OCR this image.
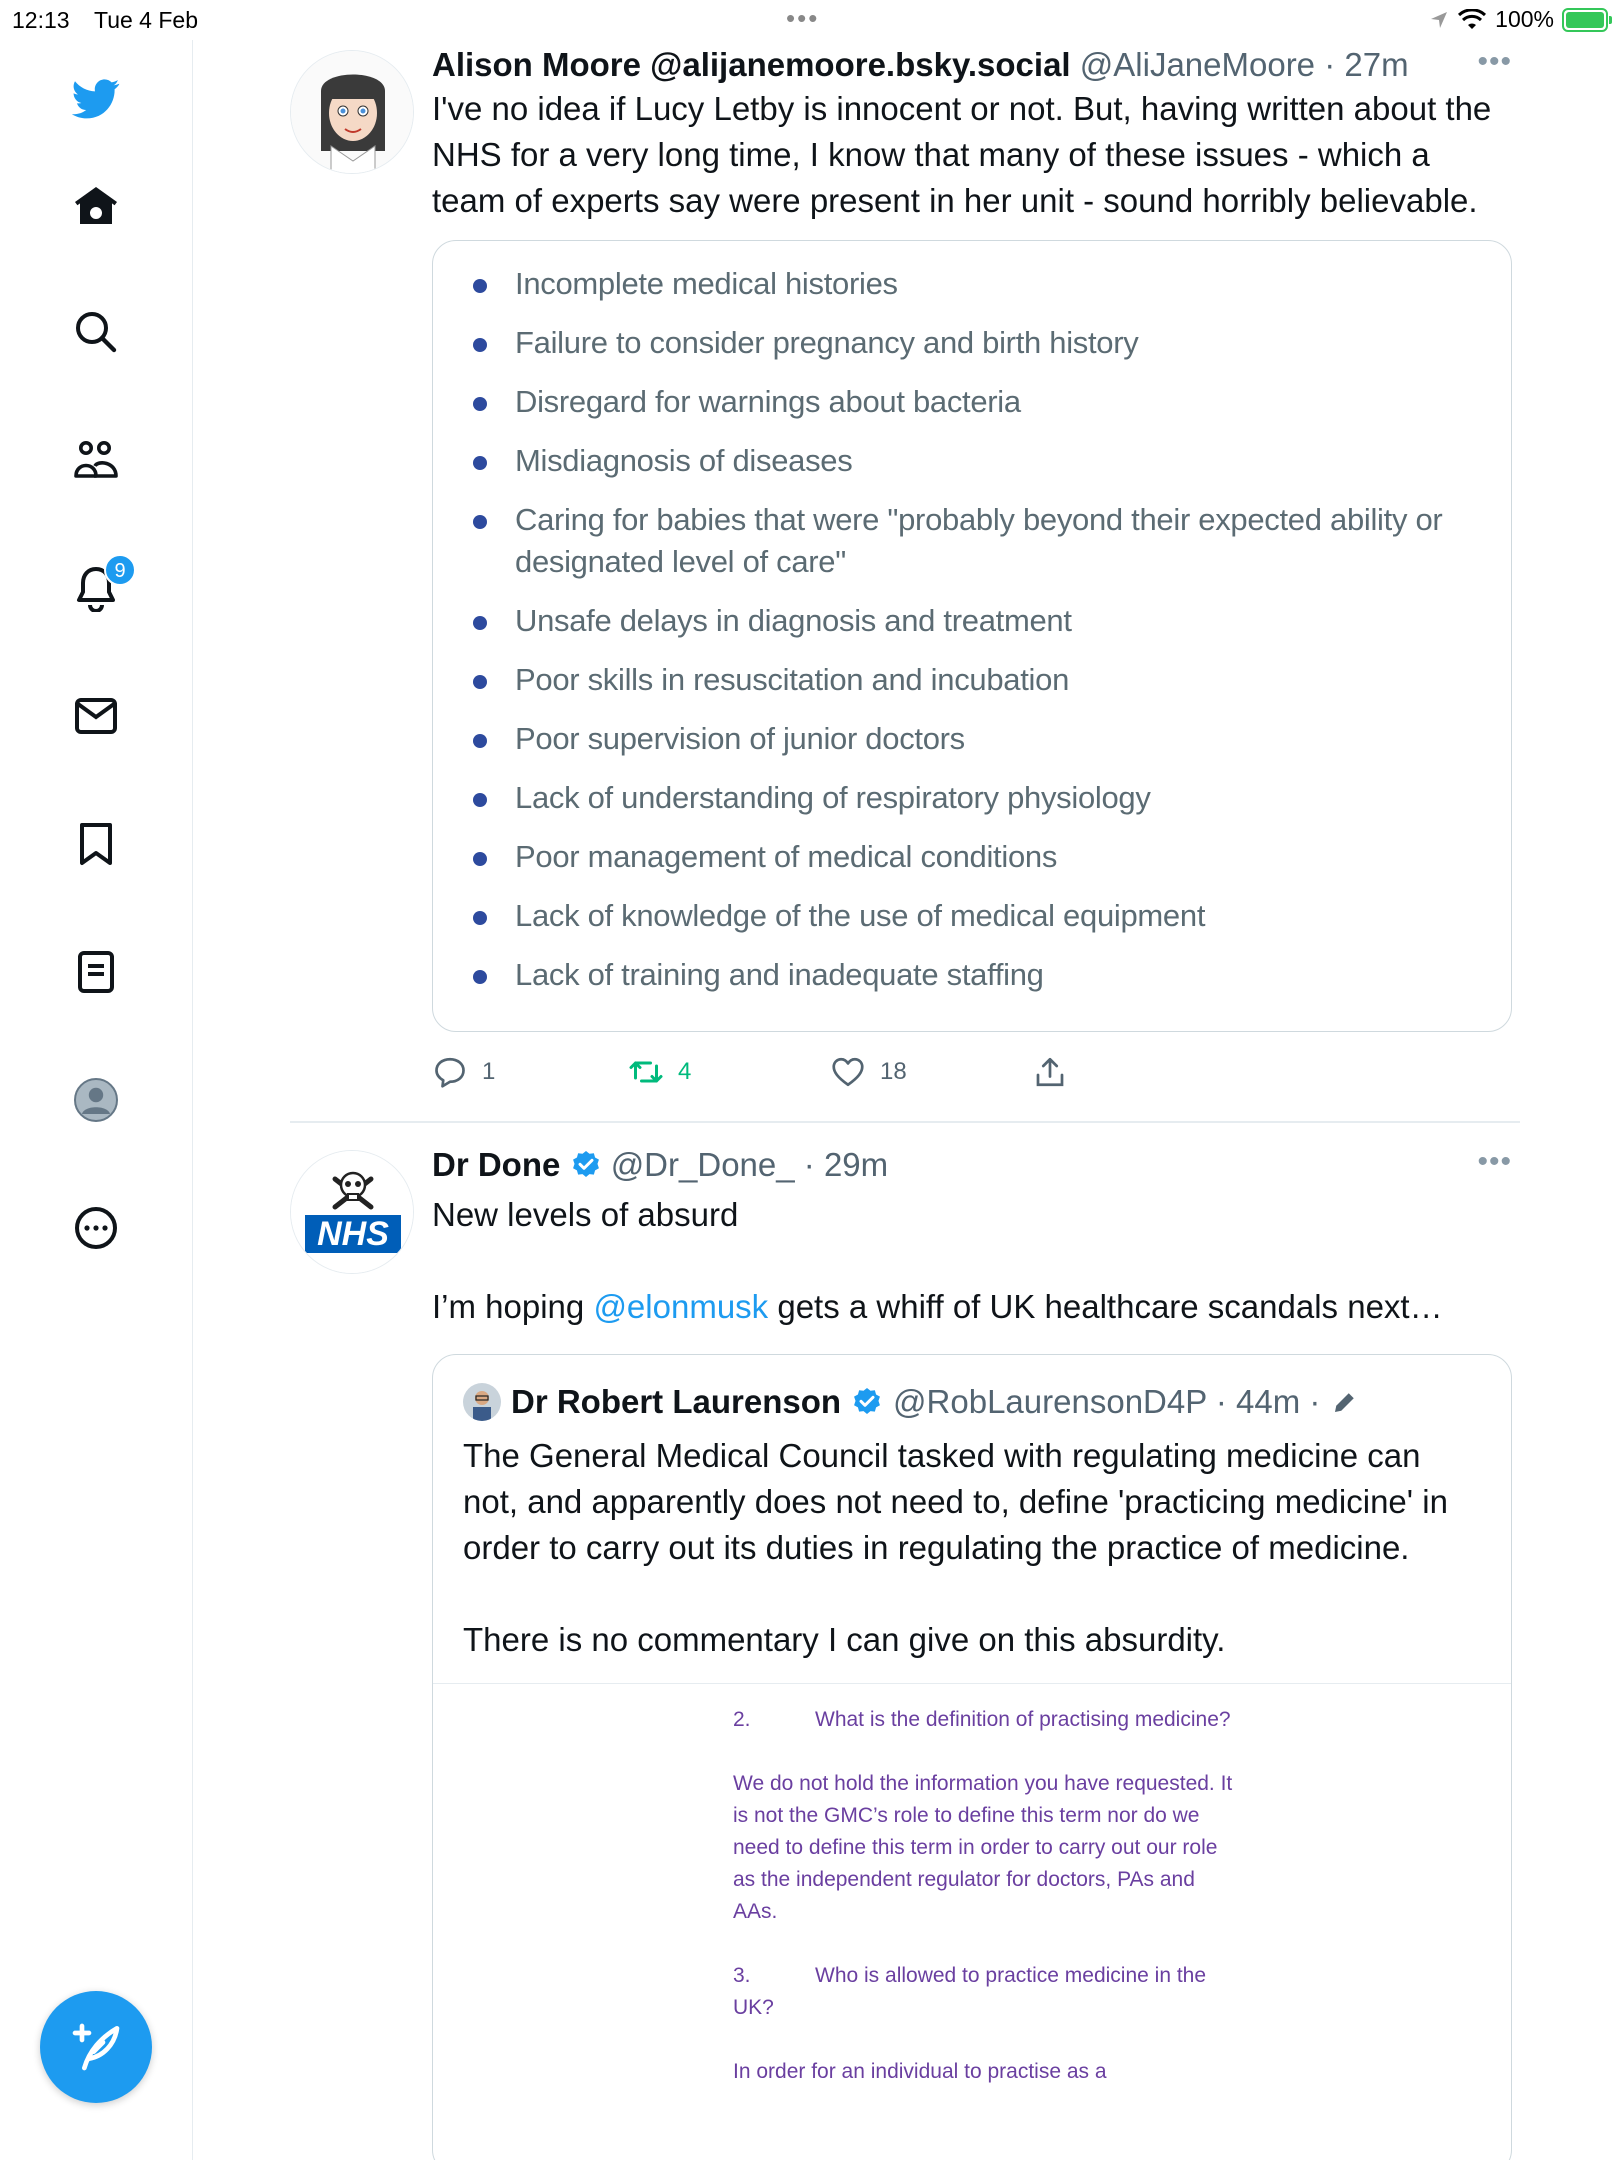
12:13 Tue 4 Feb	•••	100%
9
Alison Moore @alijanemoore.bsky.social @AliJaneMoore · 27m	•••
I've no idea if Lucy Letby is innocent or not. But, having written about the NHS for a very long time, I know that many of these issues - which a team of experts say were present in her unit - sound horribly believable.
Incomplete medical histories
Failure to consider pregnancy and birth history
Disregard for warnings about bacteria
Misdiagnosis of diseases
Caring for babies that were "probably beyond their expected ability or designated level of care"
Unsafe delays in diagnosis and treatment
Poor skills in resuscitation and incubation
Poor supervision of junior doctors
Lack of understanding of respiratory physiology
Poor management of medical conditions
Lack of knowledge of the use of medical equipment
Lack of training and inadequate staffing
1	4	18
NHS
Dr Done @Dr_Done_ · 29m	•••
New levels of absurd
I’m hoping @elonmusk gets a whiff of UK healthcare scandals next…
Dr Robert Laurenson @RobLaurensonD4P · 44m ·
The General Medical Council tasked with regulating medicine can not, and apparently does not need to, define 'practicing medicine' in order to carry out its duties in regulating the practice of medicine.
There is no commentary I can give on this absurdity.

2.	What is the definition of practising medicine?

We do not hold the information you have requested. It is not the GMC’s role to define this term nor do we need to define this term in order to carry out our role as the independent regulator for doctors, PAs and AAs.

3.	Who is allowed to practice medicine in the UK?

In order for an individual to practise as a
